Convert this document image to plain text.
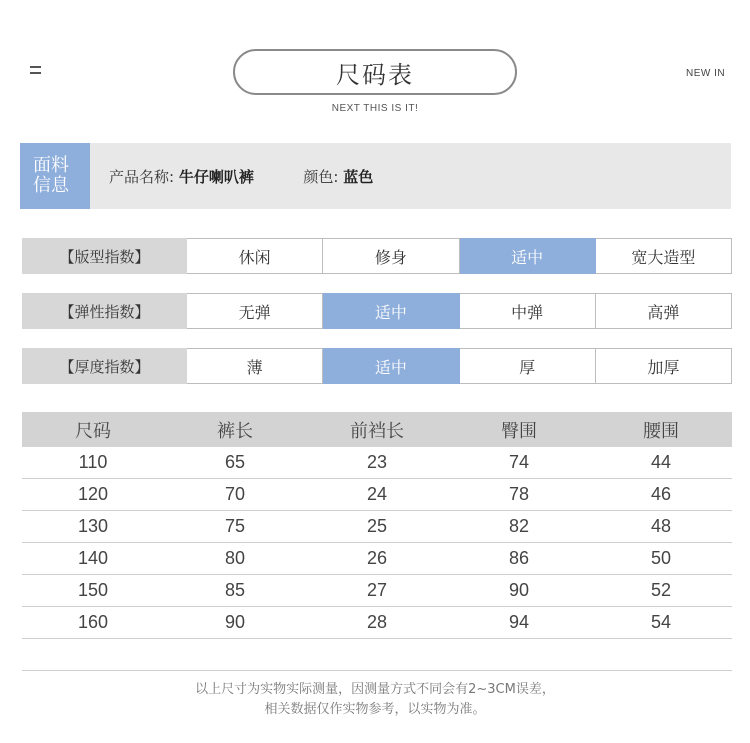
尺码表
NEXT THIS IS IT!
NEW IN
面料
信息	产品名称: 牛仔喇叭裤	颜色: 蓝色
【版型指数】	休闲	修身	适中	宽大造型
【弹性指数】	无弹	适中	中弹	高弹
【厚度指数】	薄	适中	厚	加厚
尺码	裤长	前裆长	臀围	腰围
110	65	23	74	44
120	70	24	78	46
130	75	25	82	48
140	80	26	86	50
150	85	27	90	52
160	90	28	94	54
以上尺寸为实物实际测量，因测量方式不同会有2~3CM误差，
相关数据仅作实物参考，以实物为准。
